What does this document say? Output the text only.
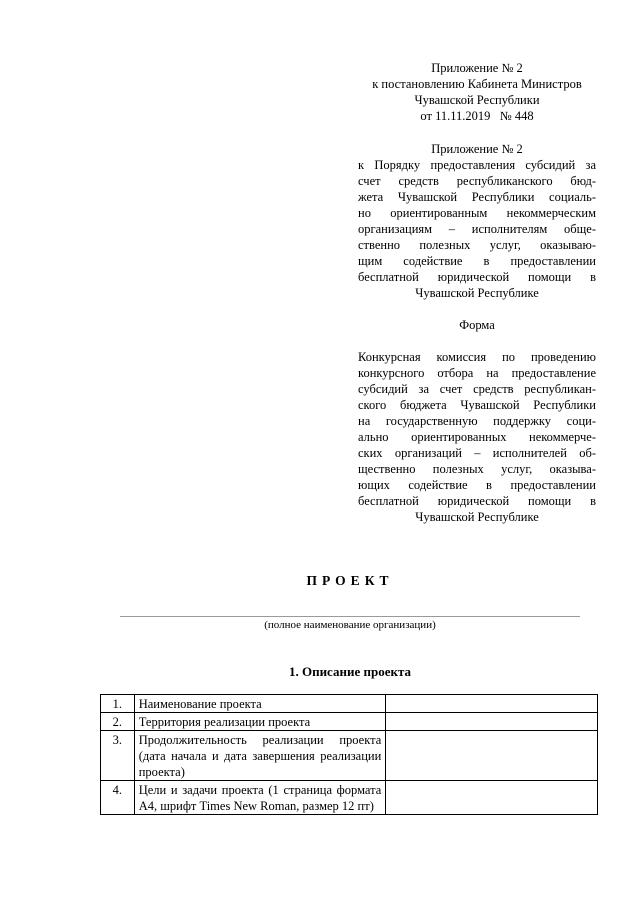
Приложение № 2
к постановлению Кабинета Министров
Чувашской Республики
от 11.11.2019   № 448
Приложение № 2
к Порядку предоставления субсидий за
счет средств республиканского бюд-
жета Чувашской Республики социаль-
но ориентированным некоммерческим
организациям – исполнителям обще-
ственно полезных услуг, оказываю-
щим содействие в предоставлении
бесплатной юридической помощи в
Чувашской Республике
Форма
Конкурсная комиссия по проведению
конкурсного отбора на предоставление
субсидий за счет средств республикан-
ского бюджета Чувашской Республики
на государственную поддержку соци-
ально ориентированных некоммерче-
ских организаций – исполнителей об-
щественно полезных услуг, оказыва-
ющих содействие в предоставлении
бесплатной юридической помощи в
Чувашской Республике
ПРОЕКТ
(полное наименование организации)
1. Описание проекта
1.	Наименование проекта	
2.	Территория реализации проекта	
3.	Продолжительность реализации проекта (дата начала и дата завершения реализации проекта)	
4.	Цели и задачи проекта (1 страница формата А4, шрифт Times New Roman, размер 12 пт)	
